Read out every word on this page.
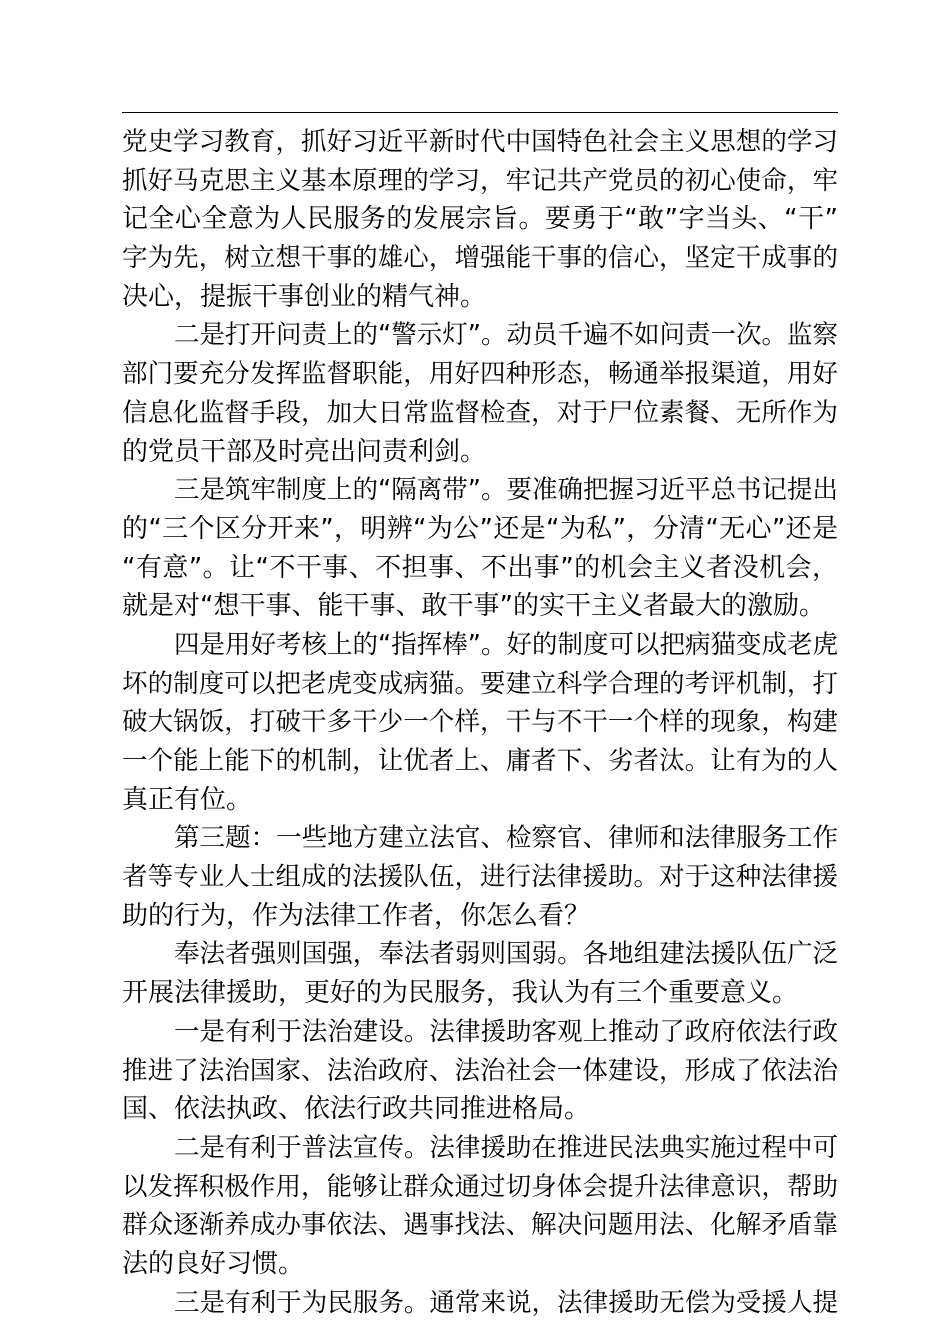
党史学习教育，抓好习近平新时代中国特色社会主义思想的学习
抓好马克思主义基本原理的学习，牢记共产党员的初心使命，牢
记全心全意为人民服务的发展宗旨。要勇于“敢”字当头、“干”
字为先，树立想干事的雄心，增强能干事的信心，坚定干成事的
决心，提振干事创业的精气神。
二是打开问责上的“警示灯”。动员千遍不如问责一次。监察
部门要充分发挥监督职能，用好四种形态，畅通举报渠道，用好
信息化监督手段，加大日常监督检查，对于尸位素餐、无所作为
的党员干部及时亮出问责利剑。
三是筑牢制度上的“隔离带”。要准确把握习近平总书记提出
的“三个区分开来”，明辨“为公”还是“为私”，分清“无心”还是
“有意”。让“不干事、不担事、不出事”的机会主义者没机会，
就是对“想干事、能干事、敢干事”的实干主义者最大的激励。
四是用好考核上的“指挥棒”。好的制度可以把病猫变成老虎
坏的制度可以把老虎变成病猫。要建立科学合理的考评机制，打
破大锅饭，打破干多干少一个样，干与不干一个样的现象，构建
一个能上能下的机制，让优者上、庸者下、劣者汰。让有为的人
真正有位。
第三题：一些地方建立法官、检察官、律师和法律服务工作
者等专业人士组成的法援队伍，进行法律援助。对于这种法律援
助的行为，作为法律工作者，你怎么看？
奉法者强则国强，奉法者弱则国弱。各地组建法援队伍广泛
开展法律援助，更好的为民服务，我认为有三个重要意义。
一是有利于法治建设。法律援助客观上推动了政府依法行政
推进了法治国家、法治政府、法治社会一体建设，形成了依法治
国、依法执政、依法行政共同推进格局。
二是有利于普法宣传。法律援助在推进民法典实施过程中可
以发挥积极作用，能够让群众通过切身体会提升法律意识，帮助
群众逐渐养成办事依法、遇事找法、解决问题用法、化解矛盾靠
法的良好习惯。
三是有利于为民服务。通常来说，法律援助无偿为受援人提
